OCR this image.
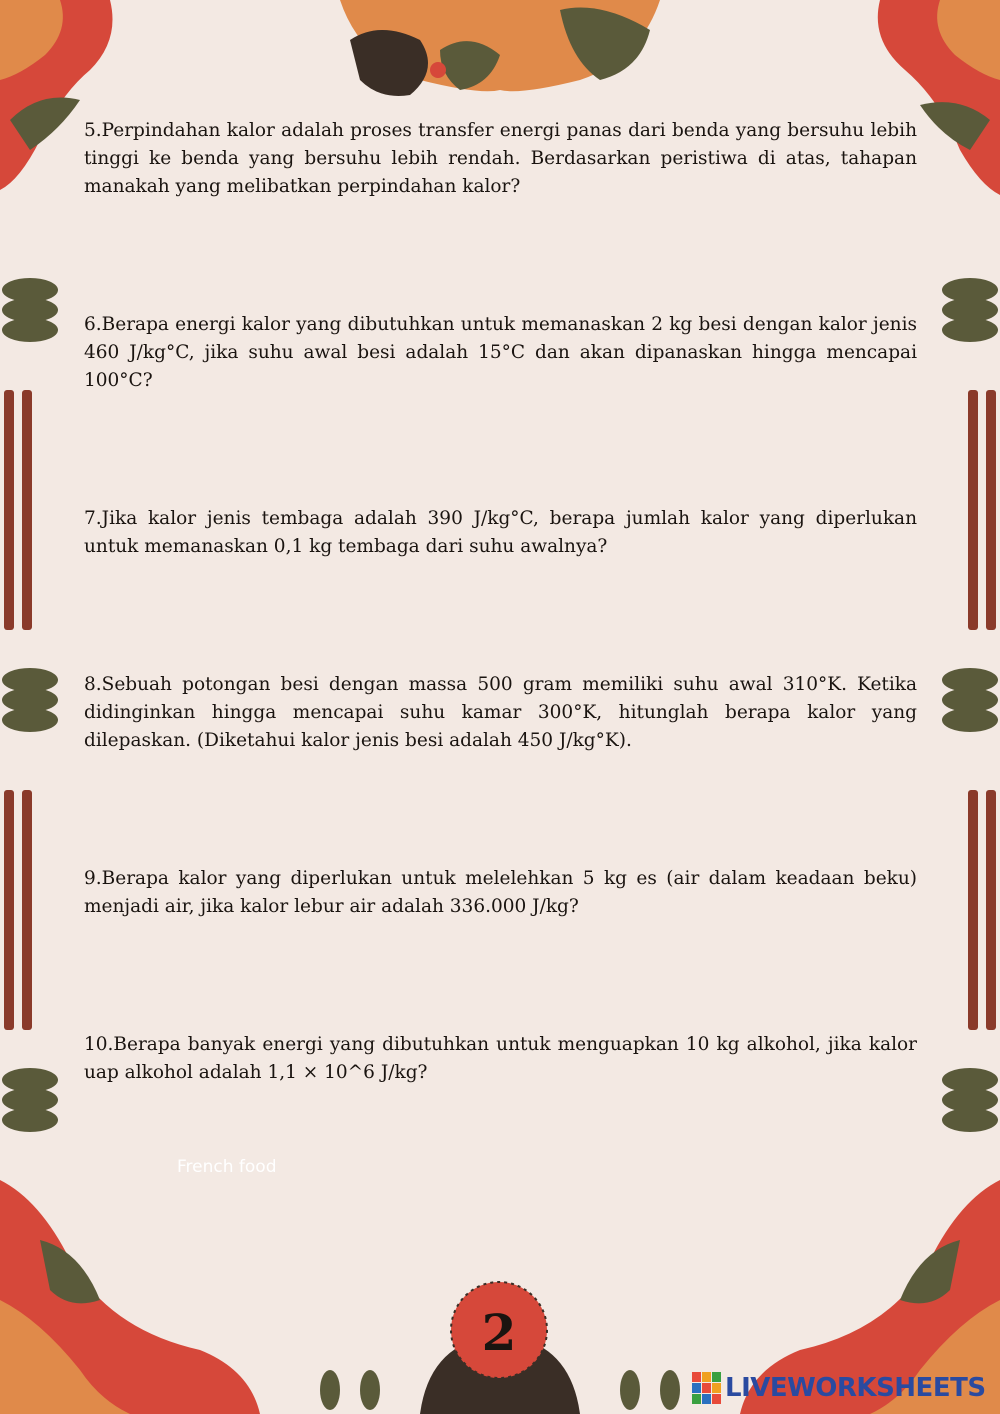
5.Perpindahan kalor adalah proses transfer energi panas dari benda yang bersuhu lebih tinggi ke benda yang bersuhu lebih rendah. Berdasarkan peristiwa di atas, tahapan manakah yang melibatkan perpindahan kalor?

6.Berapa energi kalor yang dibutuhkan untuk memanaskan 2 kg besi dengan kalor jenis 460 J/kg°C, jika suhu awal besi adalah 15°C dan akan dipanaskan hingga mencapai 100°C?

7.Jika kalor jenis tembaga adalah 390 J/kg°C, berapa jumlah kalor yang diperlukan untuk memanaskan 0,1 kg tembaga dari suhu awalnya?

8.Sebuah potongan besi dengan massa 500 gram memiliki suhu awal 310°K. Ketika didinginkan hingga mencapai suhu kamar 300°K, hitunglah berapa kalor yang dilepaskan. (Diketahui kalor jenis besi adalah 450 J/kg°K).

9.Berapa kalor yang diperlukan untuk melelehkan 5 kg es (air dalam keadaan beku) menjadi air, jika kalor lebur air adalah 336.000 J/kg?

10.Berapa banyak energi yang dibutuhkan untuk menguapkan 10 kg alkohol, jika kalor uap alkohol adalah 1,1 × 10^6 J/kg?

French food
2
LIVEWORKSHEETS
